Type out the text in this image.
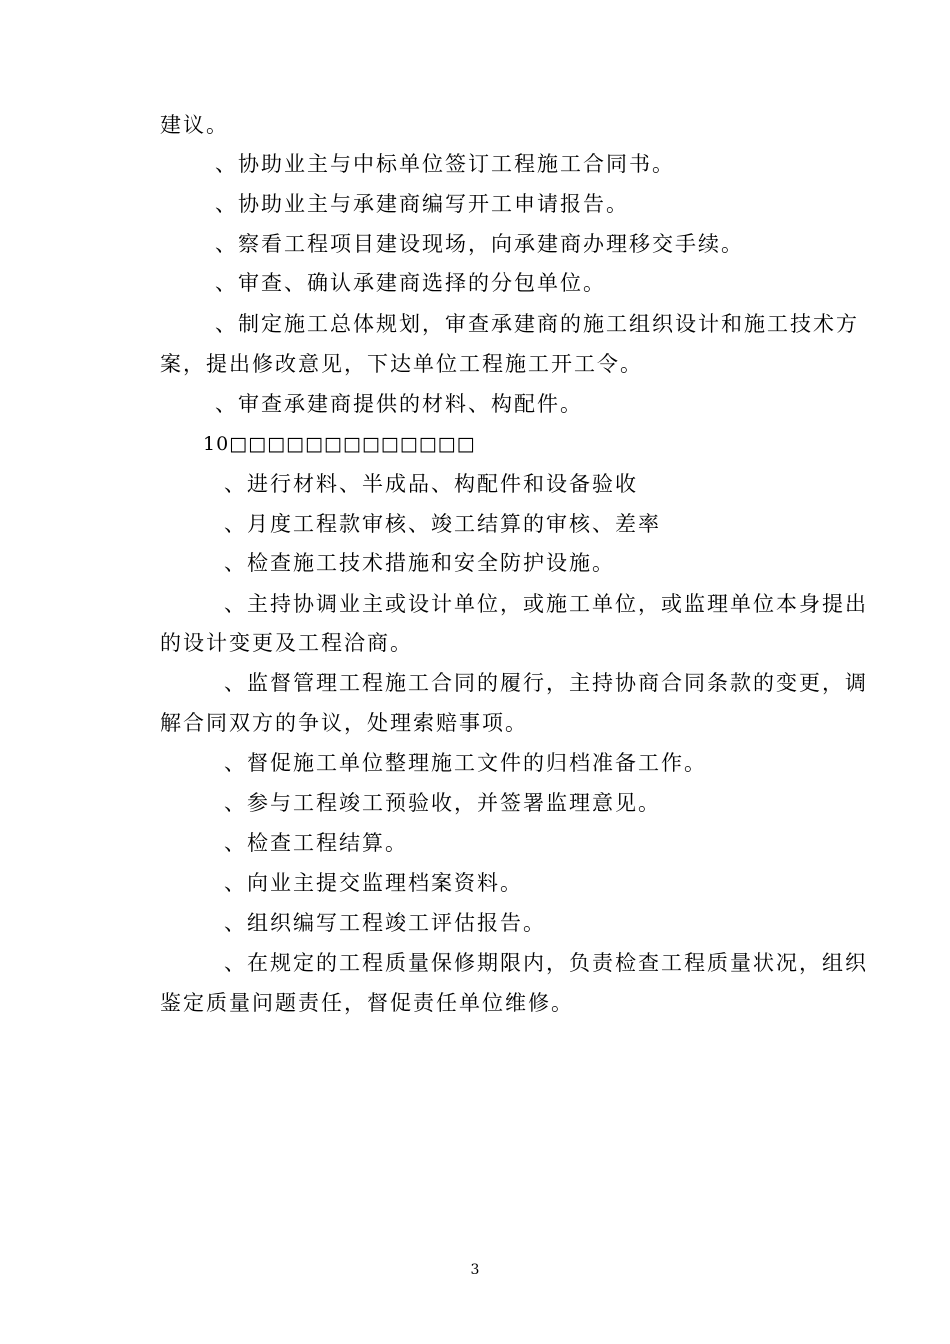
建议。
、协助业主与中标单位签订工程施工合同书。
、协助业主与承建商编写开工申请报告。
、察看工程项目建设现场，向承建商办理移交手续。
、审查、确认承建商选择的分包单位。
、制定施工总体规划，审查承建商的施工组织设计和施工技术方
案，提出修改意见，下达单位工程施工开工令。
、审查承建商提供的材料、构配件。
10□□□□□□□□□□□□□
、进行材料、半成品、构配件和设备验收
、月度工程款审核、竣工结算的审核、差率
、检查施工技术措施和安全防护设施。
、主持协调业主或设计单位，或施工单位，或监理单位本身提出
的设计变更及工程洽商。
、监督管理工程施工合同的履行，主持协商合同条款的变更，调
解合同双方的争议，处理索赔事项。
、督促施工单位整理施工文件的归档准备工作。
、参与工程竣工预验收，并签署监理意见。
、检查工程结算。
、向业主提交监理档案资料。
、组织编写工程竣工评估报告。
、在规定的工程质量保修期限内，负责检查工程质量状况，组织
鉴定质量问题责任，督促责任单位维修。
3
